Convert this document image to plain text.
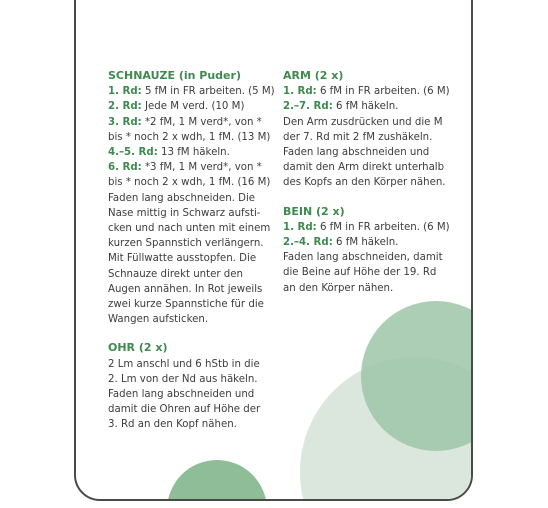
SCHNAUZE (in Puder)
1. Rd: 5 fM in FR arbeiten. (5 M)
2. Rd: Jede M verd. (10 M)
3. Rd: *2 fM, 1 M verd*, von *
bis * noch 2 x wdh, 1 fM. (13 M)
4.–5. Rd: 13 fM häkeln.
6. Rd: *3 fM, 1 M verd*, von *
bis * noch 2 x wdh, 1 fM. (16 M)
Faden lang abschneiden. Die
Nase mittig in Schwarz aufsti-
cken und nach unten mit einem
kurzen Spannstich verlängern.
Mit Füllwatte ausstopfen. Die
Schnauze direkt unter den
Augen annähen. In Rot jeweils
zwei kurze Spannstiche für die
Wangen aufsticken.
OHR (2 x)
2 Lm anschl und 6 hStb in die
2. Lm von der Nd aus häkeln.
Faden lang abschneiden und
damit die Ohren auf Höhe der
3. Rd an den Kopf nähen.
ARM (2 x)
1. Rd: 6 fM in FR arbeiten. (6 M)
2.–7. Rd: 6 fM häkeln.
Den Arm zusdrücken und die M
der 7. Rd mit 2 fM zushäkeln.
Faden lang abschneiden und
damit den Arm direkt unterhalb
des Kopfs an den Körper nähen.
BEIN (2 x)
1. Rd: 6 fM in FR arbeiten. (6 M)
2.–4. Rd: 6 fM häkeln.
Faden lang abschneiden, damit
die Beine auf Höhe der 19. Rd
an den Körper nähen.
